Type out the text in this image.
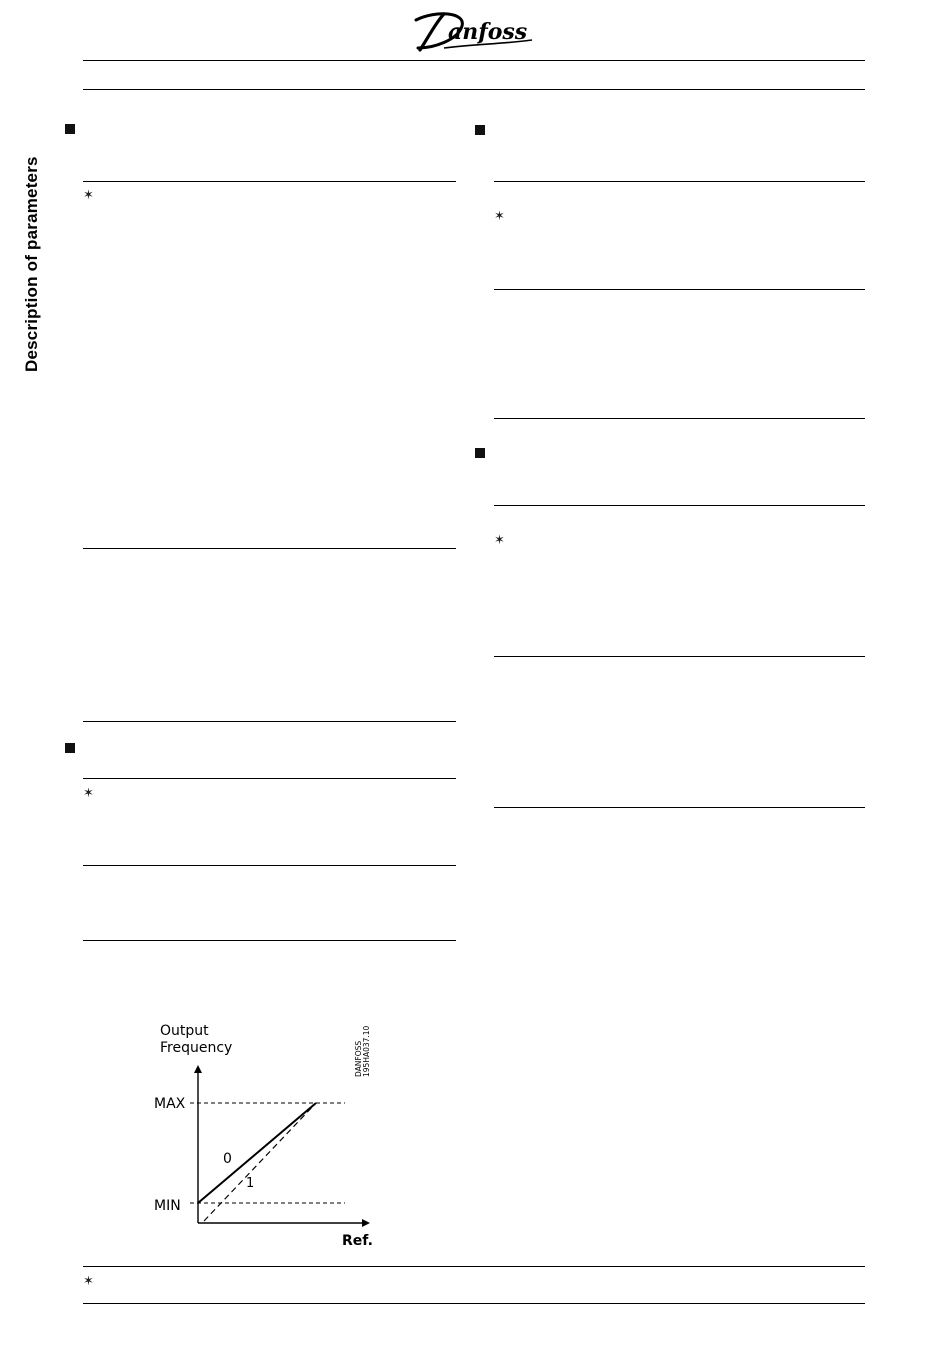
anfoss
Description of parameters	✶
✶
✶
✶
Output
Frequency
MAX
MIN
0
1
Ref.
DANFOSS 195HA037.10
✶
